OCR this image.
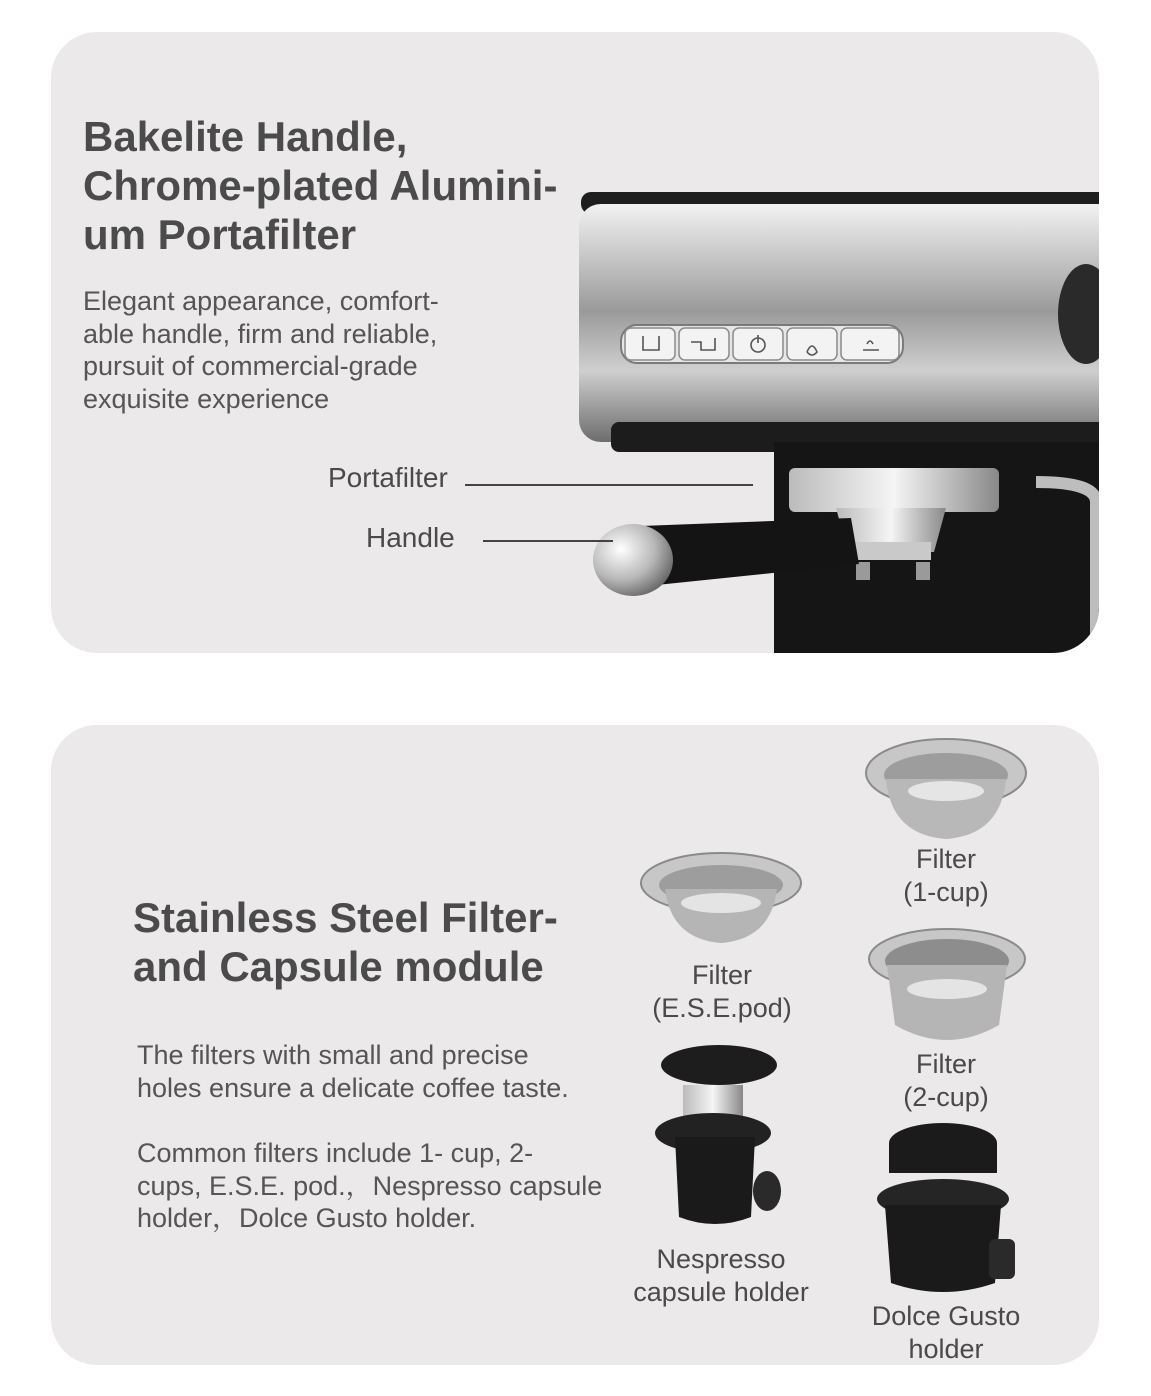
Bakelite Handle,
Chrome-plated Alumini-
um Portafilter

Elegant appearance, comfort-
able handle, firm and reliable,
pursuit of commercial-grade
exquisite experience

Portafilter
Handle
Stainless Steel Filter-
and Capsule module

The filters with small and precise
holes ensure a delicate coffee taste.

Common filters include 1- cup, 2-
cups, E.S.E. pod.，Nespresso capsule
holder，Dolce Gusto holder.

Filter
(1-cup)
Filter
(E.S.E.pod)
Filter
(2-cup)
Nespresso
capsule holder
Dolce Gusto
holder
